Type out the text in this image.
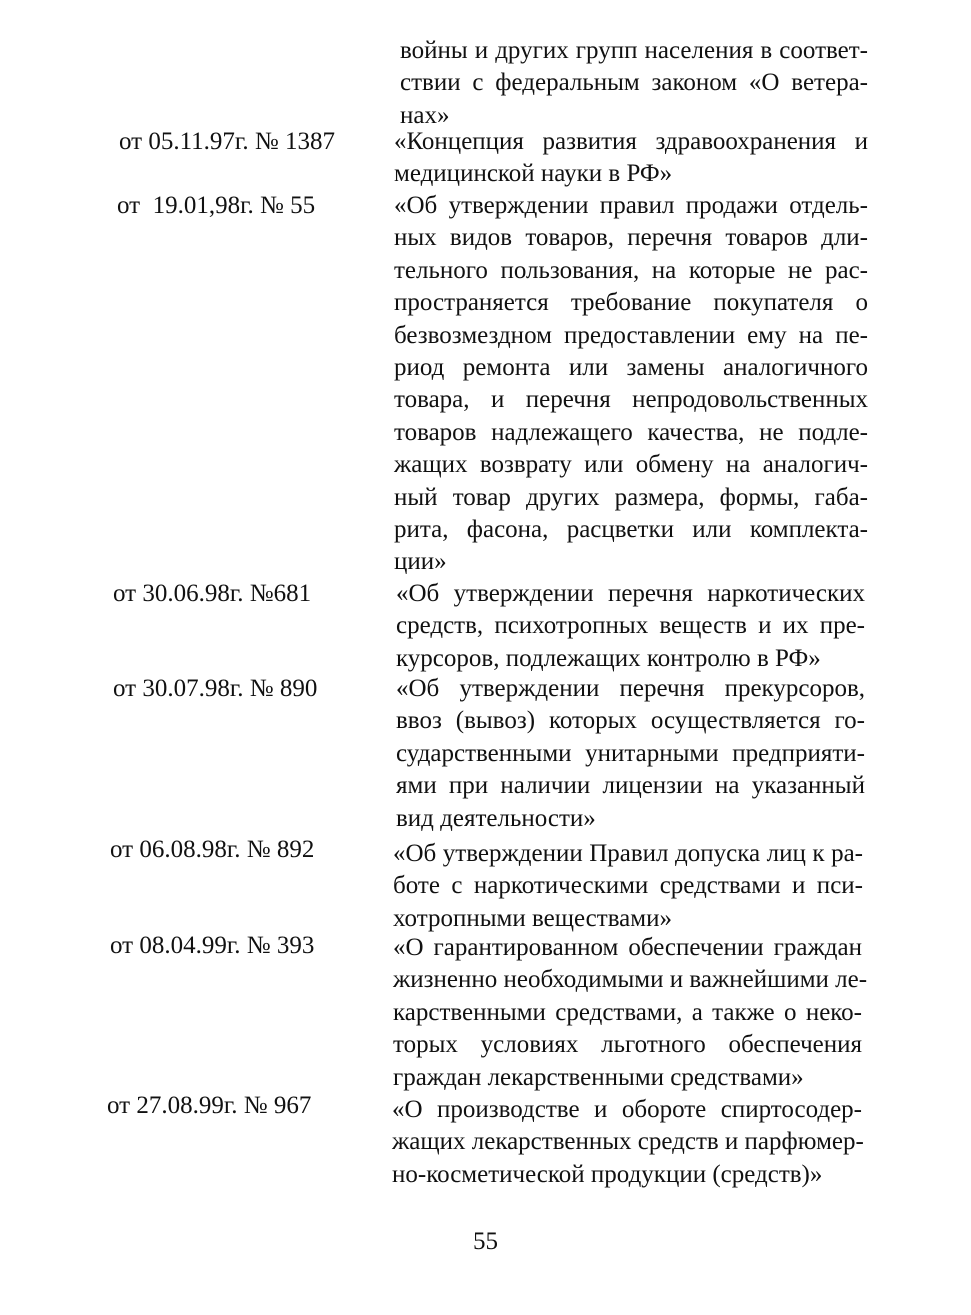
войны и других групп населения в соответ-
ствии с федеральным законом «О ветера-
нах»
от 05.11.97г. № 1387 «Концепция развития здравоохранения и
медицинской науки в РФ»
от  19.01,98г. № 55	«Об утверждении правил продажи отдель-
ных видов товаров, перечня товаров дли-
тельного пользования, на которые не рас-
пространяется требование покупателя о
безвозмездном предоставлении ему на пе-
риод ремонта или замены аналогичного
товара, и перечня непродовольственных
товаров надлежащего качества, не подле-
жащих возврату или обмену на аналогич-
ный товар других размера, формы, габа-
рита, фасона, расцветки или комплекта-
ции»
от 30.06.98г. №681	«Об утверждении перечня наркотических
средств, психотропных веществ и их пре-
курсоров, подлежащих контролю в РФ»
от 30.07.98г. № 890	«Об утверждении перечня прекурсоров,
ввоз (вывоз) которых осуществляется го-
сударственными унитарными предприяти-
ями при наличии лицензии на указанный
вид деятельности»
от 06.08.98г. № 892	«Об утверждении Правил допуска лиц к ра-
боте с наркотическими средствами и пси-
хотропными веществами»
от 08.04.99г. № 393	«О гарантированном обеспечении граждан
жизненно необходимыми и важнейшими ле-
карственными средствами, а также о неко-
торых условиях льготного обеспечения
граждан лекарственными средствами»
от 27.08.99г. № 967	«О производстве и обороте спиртосодер-
жащих лекарственных средств и парфюмер-
но-косметической продукции (средств)»
55
